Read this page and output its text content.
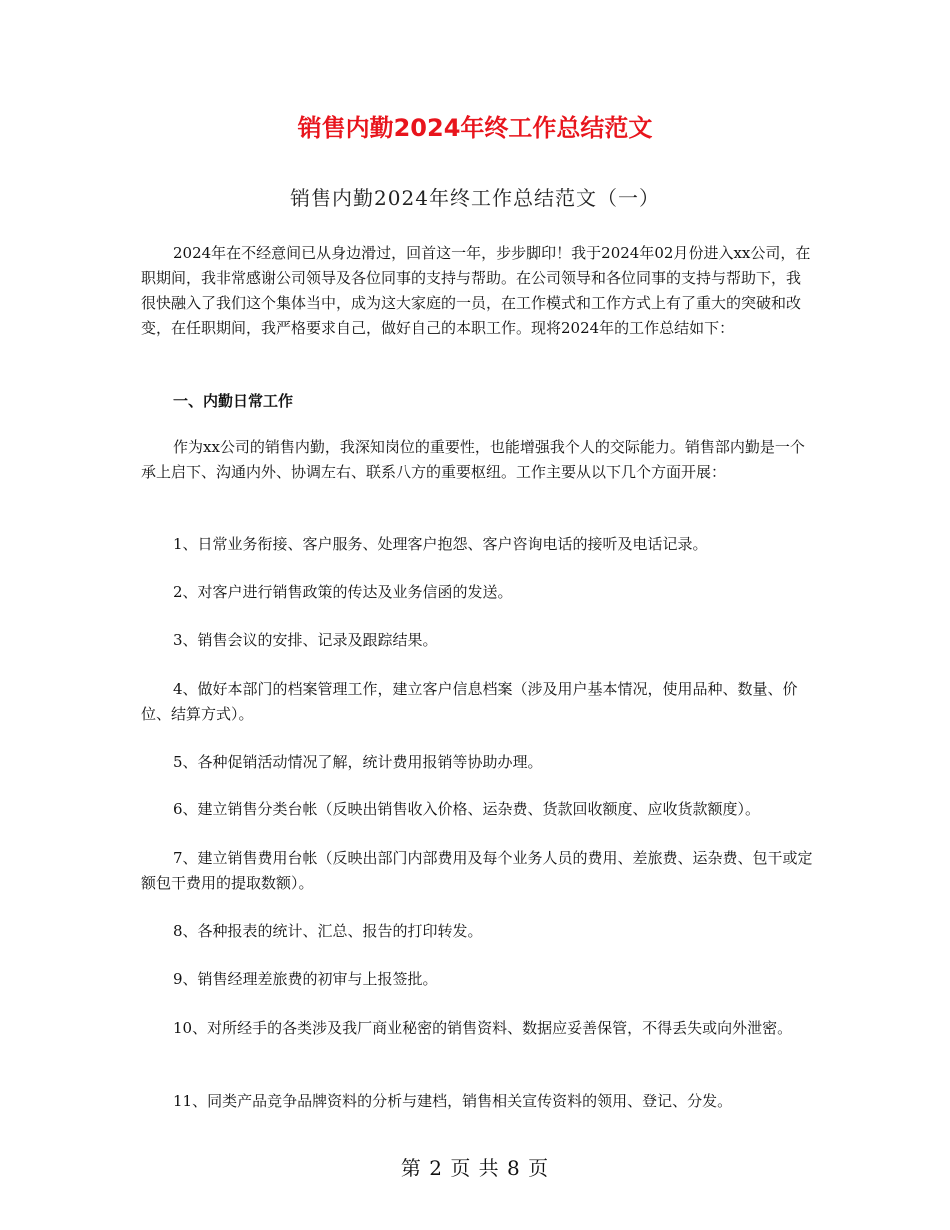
销售内勤2024年终工作总结范文
销售内勤2024年终工作总结范文（一）
2024年在不经意间已从身边滑过，回首这一年，步步脚印！我于2024年02月份进入xx公司，在职期间，我非常感谢公司领导及各位同事的支持与帮助。在公司领导和各位同事的支持与帮助下，我很快融入了我们这个集体当中，成为这大家庭的一员，在工作模式和工作方式上有了重大的突破和改变，在任职期间，我严格要求自己，做好自己的本职工作。现将2024年的工作总结如下：
一、内勤日常工作
作为xx公司的销售内勤，我深知岗位的重要性，也能增强我个人的交际能力。销售部内勤是一个承上启下、沟通内外、协调左右、联系八方的重要枢纽。工作主要从以下几个方面开展：
1、日常业务衔接、客户服务、处理客户抱怨、客户咨询电话的接听及电话记录。
2、对客户进行销售政策的传达及业务信函的发送。
3、销售会议的安排、记录及跟踪结果。
4、做好本部门的档案管理工作，建立客户信息档案（涉及用户基本情况，使用品种、数量、价位、结算方式）。
5、各种促销活动情况了解，统计费用报销等协助办理。
6、建立销售分类台帐（反映出销售收入价格、运杂费、货款回收额度、应收货款额度）。
7、建立销售费用台帐（反映出部门内部费用及每个业务人员的费用、差旅费、运杂费、包干或定额包干费用的提取数额）。
8、各种报表的统计、汇总、报告的打印转发。
9、销售经理差旅费的初审与上报签批。
10、对所经手的各类涉及我厂商业秘密的销售资料、数据应妥善保管，不得丢失或向外泄密。
11、同类产品竞争品牌资料的分析与建档，销售相关宣传资料的领用、登记、分发。
第 2 页 共 8 页
